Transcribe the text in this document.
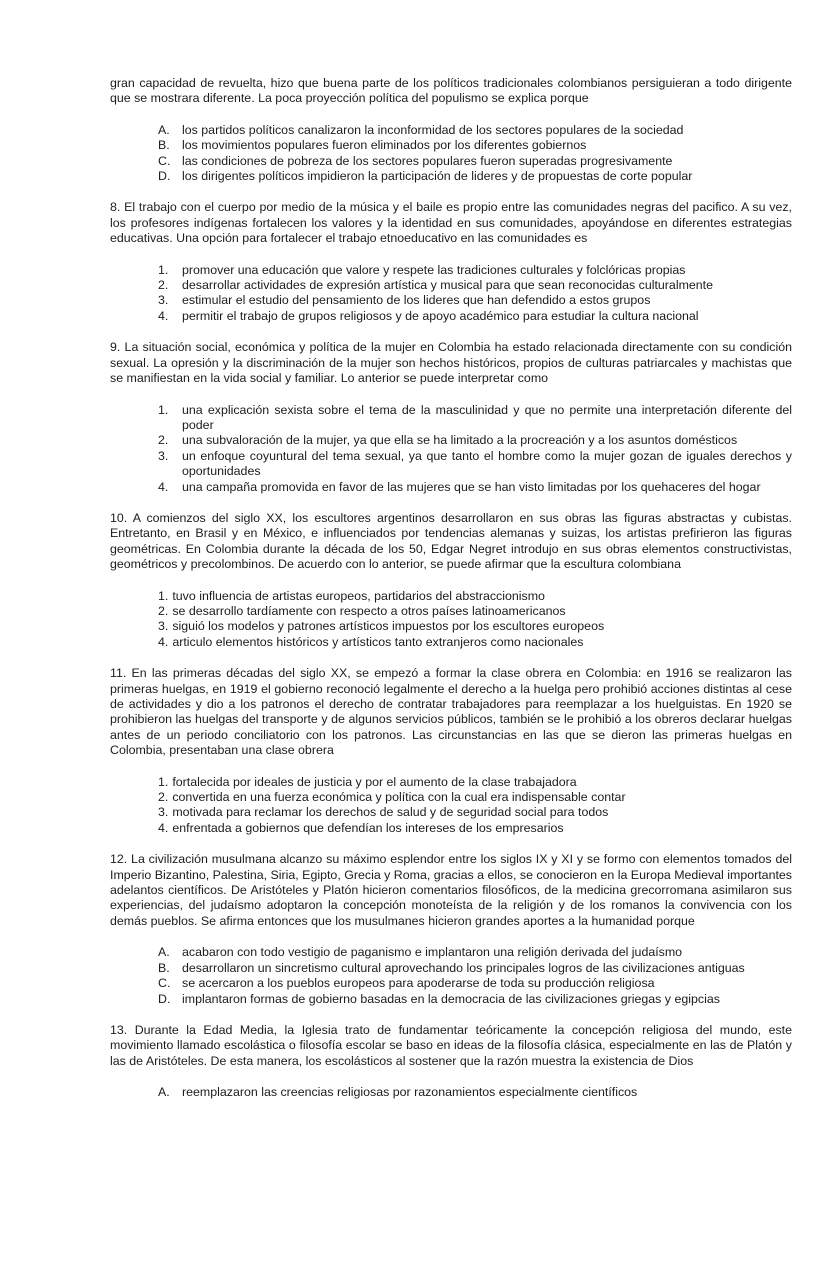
gran capacidad de revuelta, hizo que buena parte de los políticos tradicionales colombianos persiguieran a todo dirigente que se mostrara diferente. La poca proyección política del populismo se explica porque

A. los partidos políticos canalizaron la inconformidad de los sectores populares de la sociedad
B. los movimientos populares fueron eliminados por los diferentes gobiernos
C. las condiciones de pobreza de los sectores populares fueron superadas progresivamente
D. los dirigentes políticos impidieron la participación de lideres y de propuestas de corte popular

8. El trabajo con el cuerpo por medio de la música y el baile es propio entre las comunidades negras del pacifico. A su vez, los profesores indígenas fortalecen los valores y la identidad en sus comunidades, apoyándose en diferentes estrategias educativas. Una opción para fortalecer el trabajo etnoeducativo en las comunidades es

1.	promover una educación que valore y respete las tradiciones culturales y folclóricas propias
2.	desarrollar actividades de expresión artística y musical para que sean reconocidas culturalmente
3.	estimular el estudio del pensamiento de los lideres que han defendido a estos grupos
4.	permitir el trabajo de grupos religiosos y de apoyo académico para estudiar la cultura nacional

9. La situación social, económica y política de la mujer en Colombia ha estado relacionada directamente con su condición sexual. La opresión y la discriminación de la mujer son hechos históricos, propios de culturas patriarcales y machistas que se manifiestan en la vida social y familiar. Lo anterior se puede interpretar como

1.	una explicación sexista sobre el tema de la masculinidad y que no permite una interpretación diferente del poder
2.	una subvaloración de la mujer, ya que ella se ha limitado a la procreación y a los asuntos domésticos
3.	un enfoque coyuntural del tema sexual, ya que tanto el hombre como la mujer gozan de iguales derechos y oportunidades
4.	una campaña promovida en favor de las mujeres que se han visto limitadas por los quehaceres del hogar

10. A comienzos del siglo XX, los escultores argentinos desarrollaron en sus obras las figuras abstractas y cubistas. Entretanto, en Brasil y en México, e influenciados por tendencias alemanas y suizas, los artistas prefirieron las figuras geométricas. En Colombia durante la década de los 50, Edgar Negret introdujo en sus obras elementos constructivistas, geométricos y precolombinos. De acuerdo con lo anterior, se puede afirmar que la escultura colombiana

1. tuvo influencia de artistas europeos, partidarios del abstraccionismo
2. se desarrollo tardíamente con respecto a otros países latinoamericanos
3. siguió los modelos y patrones artísticos impuestos por los escultores europeos
4. articulo elementos históricos y artísticos tanto extranjeros como nacionales

11. En las primeras décadas del siglo XX, se empezó a formar la clase obrera en Colombia: en 1916 se realizaron las primeras huelgas, en 1919 el gobierno reconoció legalmente el derecho a la huelga pero prohibió acciones distintas al cese de actividades y dio a los patronos el derecho de contratar trabajadores para reemplazar a los huelguistas. En 1920 se prohibieron las huelgas del transporte y de algunos servicios públicos, también se le prohibió a los obreros declarar huelgas antes de un periodo conciliatorio con los patronos. Las circunstancias en las que se dieron las primeras huelgas en Colombia, presentaban una clase obrera

1. fortalecida por ideales de justicia y por el aumento de la clase trabajadora
2. convertida en una fuerza económica y política con la cual era indispensable contar
3. motivada para reclamar los derechos de salud y de seguridad social para todos
4. enfrentada a gobiernos que defendían los intereses de los empresarios

12. La civilización musulmana alcanzo su máximo esplendor entre los siglos IX y XI y se formo con elementos tomados del Imperio Bizantino, Palestina, Siria, Egipto, Grecia y Roma, gracias a ellos, se conocieron en la Europa Medieval importantes adelantos científicos. De Aristóteles y Platón hicieron comentarios filosóficos, de la medicina grecorromana asimilaron sus experiencias, del judaísmo adoptaron la concepción monoteísta de la religión y de los romanos la convivencia con los demás pueblos. Se afirma entonces que los musulmanes hicieron grandes aportes a la humanidad porque

A. acabaron con todo vestigio de paganismo e implantaron una religión derivada del judaísmo
B. desarrollaron un sincretismo cultural aprovechando los principales logros de las civilizaciones antiguas
C. se acercaron a los pueblos europeos para apoderarse de toda su producción religiosa
D. implantaron formas de gobierno basadas en la democracia de las civilizaciones griegas y egipcias

13. Durante la Edad Media, la Iglesia trato de fundamentar teóricamente la concepción religiosa del mundo, este movimiento llamado escolástica o filosofía escolar se baso en ideas de la filosofía clásica, especialmente en las de Platón y las de Aristóteles. De esta manera, los escolásticos al sostener que la razón muestra la existencia de Dios

A. reemplazaron las creencias religiosas por razonamientos especialmente científicos
